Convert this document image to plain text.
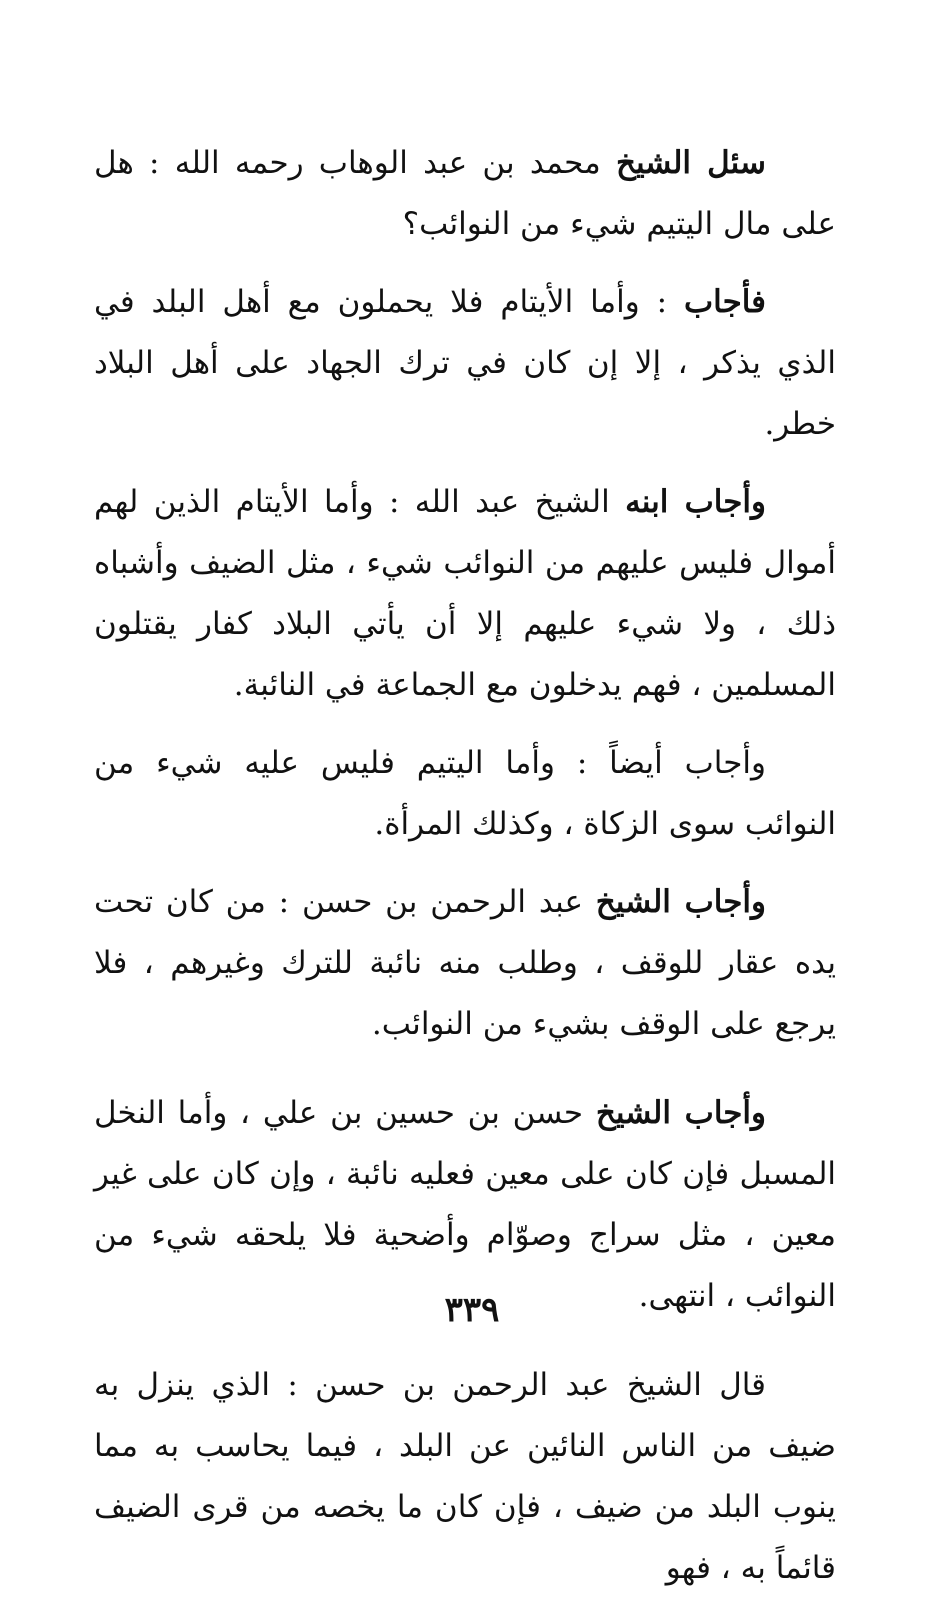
سئل الشيخ محمد بن عبد الوهاب رحمه الله : هل على مال اليتيم شيء من النوائب؟

فأجاب : وأما الأيتام فلا يحملون مع أهل البلد في الذي يذكر ، إلا إن كان في ترك الجهاد على أهل البلاد خطر.

وأجاب ابنه الشيخ عبد الله : وأما الأيتام الذين لهم أموال فليس عليهم من النوائب شيء ، مثل الضيف وأشباه ذلك ، ولا شيء عليهم إلا أن يأتي البلاد كفار يقتلون المسلمين ، فهم يدخلون مع الجماعة في النائبة.

وأجاب أيضاً : وأما اليتيم فليس عليه شيء من النوائب سوى الزكاة ، وكذلك المرأة.

وأجاب الشيخ عبد الرحمن بن حسن : من كان تحت يده عقار للوقف ، وطلب منه نائبة للترك وغيرهم ، فلا يرجع على الوقف بشيء من النوائب.

وأجاب الشيخ حسن بن حسين بن علي ، وأما النخل المسبل فإن كان على معين فعليه نائبة ، وإن كان على غير معين ، مثل سراج وصوّام وأضحية فلا يلحقه شيء من النوائب ، انتهى.

قال الشيخ عبد الرحمن بن حسن : الذي ينزل به ضيف من الناس النائين عن البلد ، فيما يحاسب به مما ينوب البلد من ضيف ، فإن كان ما يخصه من قرى الضيف قائماً به ، فهو

٣٣٩
